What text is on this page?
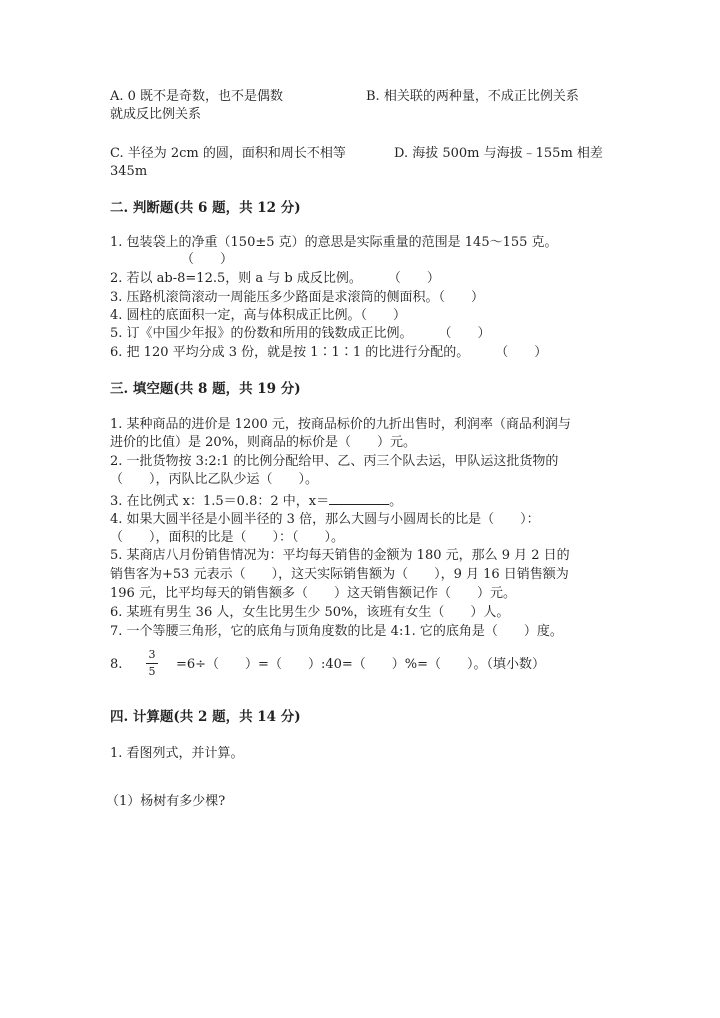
A. 0 既不是奇数，也不是偶数	B. 相关联的两种量，不成正比例关系
就成反比例关系
C. 半径为 2cm 的圆，面积和周长不相等	D. 海拔 500m 与海拔﹣155m 相差
345m
二. 判断题(共 6 题，共 12 分)
1. 包装袋上的净重（150±5 克）的意思是实际重量的范围是 145～155 克。
（　　）
2. 若以 ab-8=12.5，则 a 与 b 成反比例。　　　（　　）
3. 压路机滚筒滚动一周能压多少路面是求滚筒的侧面积。（　　）
4. 圆柱的底面积一定，高与体积成正比例。（　　）
5. 订《中国少年报》的份数和所用的钱数成正比例。　　　（　　）
6. 把 120 平均分成 3 份，就是按 1∶1∶1 的比进行分配的。　　　（　　）
三. 填空题(共 8 题，共 19 分)
1. 某种商品的进价是 1200 元，按商品标价的九折出售时，利润率（商品利润与
进价的比值）是 20%，则商品的标价是（　　）元。
2. 一批货物按 3:2:1 的比例分配给甲、乙、丙三个队去运，甲队运这批货物的
（　　），丙队比乙队少运（　　）。
3. 在比例式 x：1.5＝0.8：2 中，x＝	。
4. 如果大圆半径是小圆半径的 3 倍，那么大圆与小圆周长的比是（　　）：
（　　），面积的比是（　　）：（　　）。
5. 某商店八月份销售情况为：平均每天销售的金额为 180 元，那么 9 月 2 日的
销售客为+53 元表示（　　），这天实际销售额为（　　），9 月 16 日销售额为
196 元，比平均每天的销售额多（　　）这天销售额记作（　　）元。
6. 某班有男生 36 人，女生比男生少 50%，该班有女生（　　）人。
7. 一个等腰三角形，它的底角与顶角度数的比是 4:1. 它的底角是（　　）度。
8.
3
5 =6÷（　　）=（　　）:40=（　　）%=（　　）。（填小数）
四. 计算题(共 2 题，共 14 分)
1. 看图列式，并计算。
（1）杨树有多少棵?
